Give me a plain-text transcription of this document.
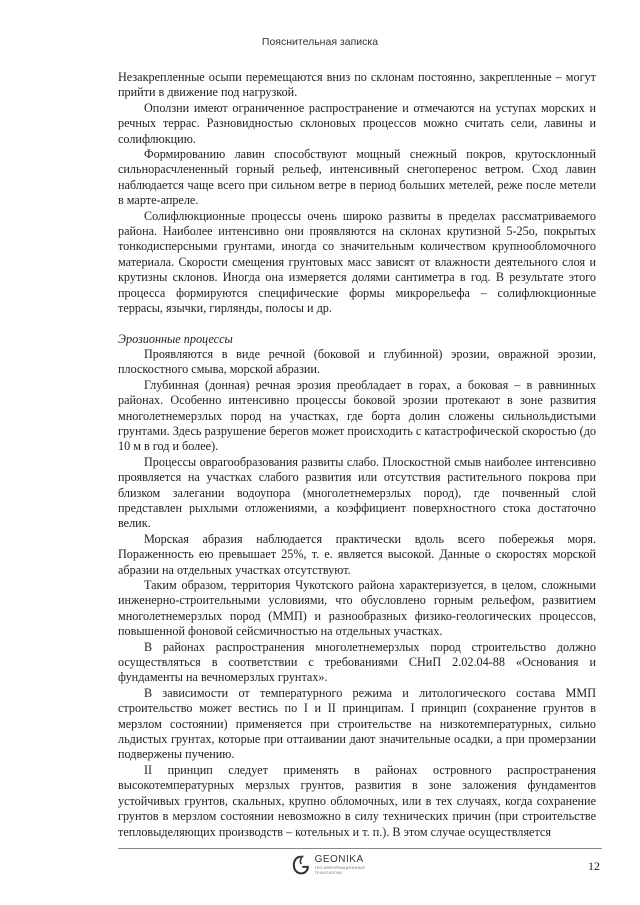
Пояснительная записка

Незакрепленные осыпи перемещаются вниз по склонам постоянно, закрепленные – могут прийти в движение под нагрузкой.

Оползни имеют ограниченное распространение и отмечаются на уступах морских и речных террас. Разновидностью склоновых процессов можно считать сели, лавины и солифлюкцию.

Формированию лавин способствуют мощный снежный покров, крутосклонный сильнорасчлененный горный рельеф, интенсивный снегоперенос ветром. Сход лавин наблюдается чаще всего при сильном ветре в период больших метелей, реже после метели в марте-апреле.

Солифлюкционные процессы очень широко развиты в пределах рассматриваемого района. Наиболее интенсивно они проявляются на склонах крутизной 5-25о, покрытых тонкодисперсными грунтами, иногда со значительным количеством крупнообломочного материала. Скорости смещения грунтовых масс зависят от влажности деятельного слоя и крутизны склонов. Иногда она измеряется долями сантиметра в год. В результате этого процесса формируются специфические формы микрорельефа – солифлюкционные террасы, язычки, гирлянды, полосы и др.

Эрозионные процессы

Проявляются в виде речной (боковой и глубинной) эрозии, овражной эрозии, плоскостного смыва, морской абразии.

Глубинная (донная) речная эрозия преобладает в горах, а боковая – в равнинных районах. Особенно интенсивно процессы боковой эрозии протекают в зоне развития многолетнемерзлых пород на участках, где борта долин сложены сильнольдистыми грунтами. Здесь разрушение берегов может происходить с катастрофической скоростью (до 10 м в год и более).

Процессы оврагообразования развиты слабо. Плоскостной смыв наиболее интенсивно проявляется на участках слабого развития или отсутствия растительного покрова при близком залегании водоупора (многолетнемерзлых пород), где почвенный слой представлен рыхлыми отложениями, а коэффициент поверхностного стока достаточно велик.

Морская абразия наблюдается практически вдоль всего побережья моря. Пораженность ею превышает 25%, т. е. является высокой. Данные о скоростях морской абразии на отдельных участках отсутствуют.

Таким образом, территория Чукотского района характеризуется, в целом, сложными инженерно-строительными условиями, что обусловлено горным рельефом, развитием многолетнемерзлых пород (ММП) и разнообразных физико-геологических процессов, повышенной фоновой сейсмичностью на отдельных участках.

В районах распространения многолетнемерзлых пород строительство должно осуществляться в соответствии с требованиями СНиП 2.02.04-88 «Основания и фундаменты на вечномерзлых грунтах».

В зависимости от температурного режима и литологического состава ММП строительство может вестись по I и II принципам. I принцип (сохранение грунтов в мерзлом состоянии) применяется при строительстве на низкотемпературных, сильно льдистых грунтах, которые при оттаивании дают значительные осадки, а при промерзании подвержены пучению.

II принцип следует применять в районах островного распространения высокотемпературных мерзлых грунтов, развития в зоне заложения фундаментов устойчивых грунтов, скальных, крупно обломочных, или в тех случаях, когда сохранение грунтов в мерзлом состоянии невозможно в силу технических причин (при строительстве тепловыделяющих производств – котельных и т. п.). В этом случае осуществляется

GEONIKA
ГЕО ИНФОРМАЦИОННЫЕ ТЕХНОЛОГИИ	12
